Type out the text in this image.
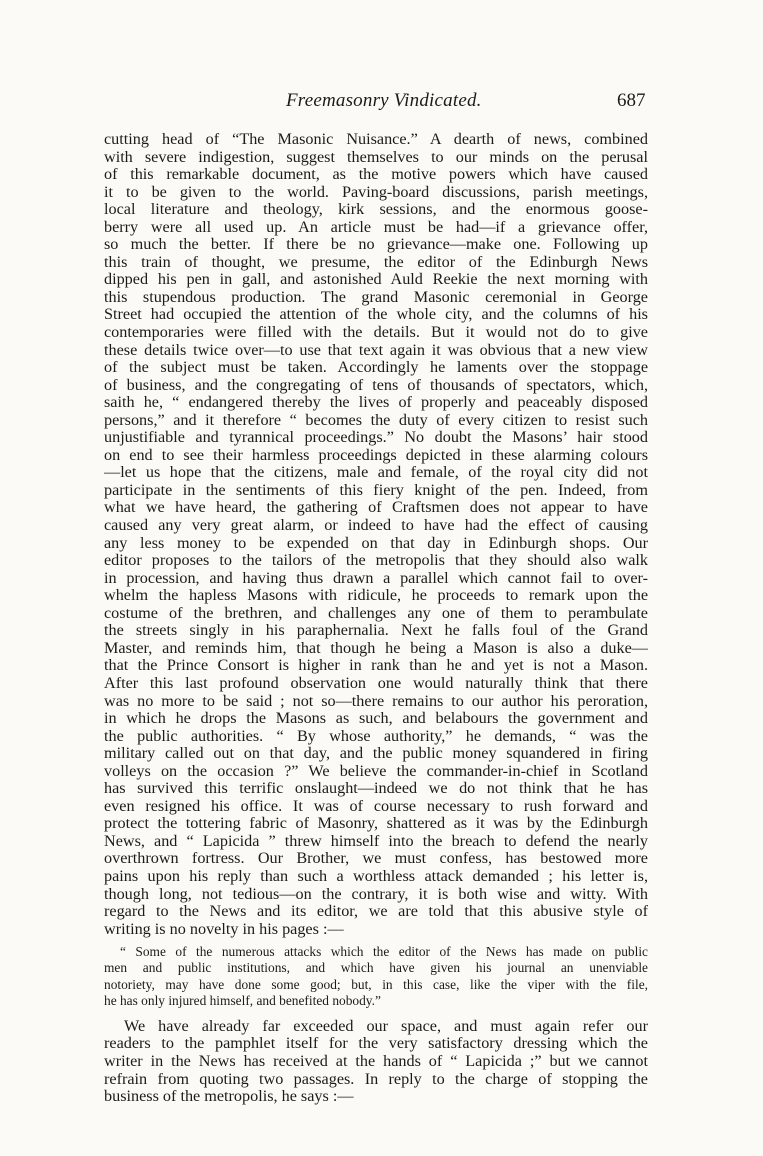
Freemasonry Vindicated.	687
cutting head of “The Masonic Nuisance.” A dearth of news, combined
with severe indigestion, suggest themselves to our minds on the perusal
of this remarkable document, as the motive powers which have caused
it to be given to the world. Paving-board discussions, parish meetings,
local literature and theology, kirk sessions, and the enormous goose-
berry were all used up. An article must be had—if a grievance offer,
so much the better. If there be no grievance—make one. Following up
this train of thought, we presume, the editor of the Edinburgh News
dipped his pen in gall, and astonished Auld Reekie the next morning with
this stupendous production. The grand Masonic ceremonial in George
Street had occupied the attention of the whole city, and the columns of his
contemporaries were filled with the details. But it would not do to give
these details twice over—to use that text again it was obvious that a new view
of the subject must be taken. Accordingly he laments over the stoppage
of business, and the congregating of tens of thousands of spectators, which,
saith he, “ endangered thereby the lives of properly and peaceably disposed
persons,” and it therefore “ becomes the duty of every citizen to resist such
unjustifiable and tyrannical proceedings.” No doubt the Masons’ hair stood
on end to see their harmless proceedings depicted in these alarming colours
—let us hope that the citizens, male and female, of the royal city did not
participate in the sentiments of this fiery knight of the pen. Indeed, from
what we have heard, the gathering of Craftsmen does not appear to have
caused any very great alarm, or indeed to have had the effect of causing
any less money to be expended on that day in Edinburgh shops. Our
editor proposes to the tailors of the metropolis that they should also walk
in procession, and having thus drawn a parallel which cannot fail to over-
whelm the hapless Masons with ridicule, he proceeds to remark upon the
costume of the brethren, and challenges any one of them to perambulate
the streets singly in his paraphernalia. Next he falls foul of the Grand
Master, and reminds him, that though he being a Mason is also a duke—
that the Prince Consort is higher in rank than he and yet is not a Mason.
After this last profound observation one would naturally think that there
was no more to be said ; not so—there remains to our author his peroration,
in which he drops the Masons as such, and belabours the government and
the public authorities. “ By whose authority,” he demands, “ was the
military called out on that day, and the public money squandered in firing
volleys on the occasion ?” We believe the commander-in-chief in Scotland
has survived this terrific onslaught—indeed we do not think that he has
even resigned his office. It was of course necessary to rush forward and
protect the tottering fabric of Masonry, shattered as it was by the Edinburgh
News, and “ Lapicida ” threw himself into the breach to defend the nearly
overthrown fortress. Our Brother, we must confess, has bestowed more
pains upon his reply than such a worthless attack demanded ; his letter is,
though long, not tedious—on the contrary, it is both wise and witty. With
regard to the News and its editor, we are told that this abusive style of
writing is no novelty in his pages :—
“ Some of the numerous attacks which the editor of the News has made on public
men and public institutions, and which have given his journal an unenviable
notoriety, may have done some good; but, in this case, like the viper with the file,
he has only injured himself, and benefited nobody.”
We have already far exceeded our space, and must again refer our
readers to the pamphlet itself for the very satisfactory dressing which the
writer in the News has received at the hands of “ Lapicida ;” but we cannot
refrain from quoting two passages. In reply to the charge of stopping the
business of the metropolis, he says :—
